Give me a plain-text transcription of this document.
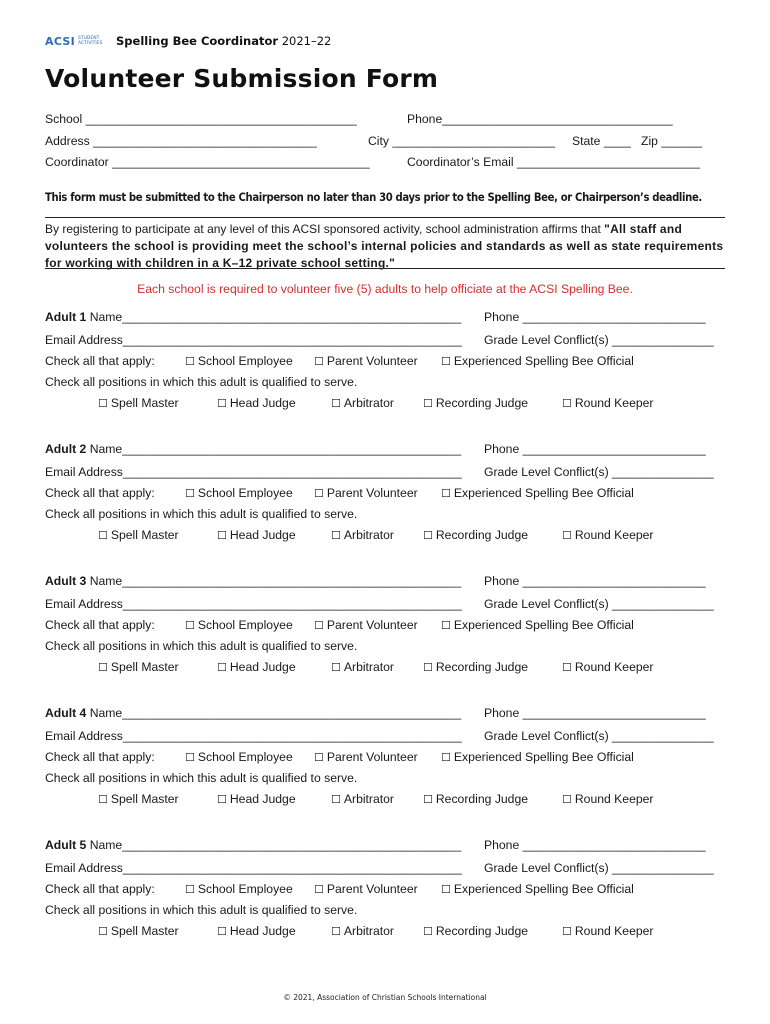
ACSI STUDENT ACTIVITIES Spelling Bee Coordinator 2021–22
Volunteer Submission Form
School ________________________________________	Phone__________________________________
Address _________________________________	City ________________________ State ____ Zip ______
Coordinator ______________________________________	Coordinator’s Email ___________________________
This form must be submitted to the Chairperson no later than 30 days prior to the Spelling Bee, or Chairperson’s deadline.
By registering to participate at any level of this ACSI sponsored activity, school administration affirms that "All staff and volunteers the school is providing meet the school’s internal policies and standards as well as state requirements for working with children in a K–12 private school setting."
Each school is required to volunteer five (5) adults to help officiate at the ACSI Spelling Bee.
Adult 1 Name__________________________________________________ Phone ___________________________
Email Address__________________________________________________ Grade Level Conflict(s) _______________
Check all that apply:	☐ School Employee ☐ Parent Volunteer ☐ Experienced Spelling Bee Official
Check all positions in which this adult is qualified to serve.
☐ Spell Master	☐ Head Judge	☐ Arbitrator	☐ Recording Judge	☐ Round Keeper
Adult 2 Name__________________________________________________ Phone ___________________________
Email Address__________________________________________________ Grade Level Conflict(s) _______________
Check all that apply:	☐ School Employee ☐ Parent Volunteer ☐ Experienced Spelling Bee Official
Check all positions in which this adult is qualified to serve.
☐ Spell Master	☐ Head Judge	☐ Arbitrator	☐ Recording Judge	☐ Round Keeper
Adult 3 Name__________________________________________________ Phone ___________________________
Email Address__________________________________________________ Grade Level Conflict(s) _______________
Check all that apply:	☐ School Employee ☐ Parent Volunteer ☐ Experienced Spelling Bee Official
Check all positions in which this adult is qualified to serve.
☐ Spell Master	☐ Head Judge	☐ Arbitrator	☐ Recording Judge	☐ Round Keeper
Adult 4 Name__________________________________________________ Phone ___________________________
Email Address__________________________________________________ Grade Level Conflict(s) _______________
Check all that apply:	☐ School Employee ☐ Parent Volunteer ☐ Experienced Spelling Bee Official
Check all positions in which this adult is qualified to serve.
☐ Spell Master	☐ Head Judge	☐ Arbitrator	☐ Recording Judge	☐ Round Keeper
Adult 5 Name__________________________________________________ Phone ___________________________
Email Address__________________________________________________ Grade Level Conflict(s) _______________
Check all that apply:	☐ School Employee ☐ Parent Volunteer ☐ Experienced Spelling Bee Official
Check all positions in which this adult is qualified to serve.
☐ Spell Master	☐ Head Judge	☐ Arbitrator	☐ Recording Judge	☐ Round Keeper
© 2021, Association of Christian Schools International
